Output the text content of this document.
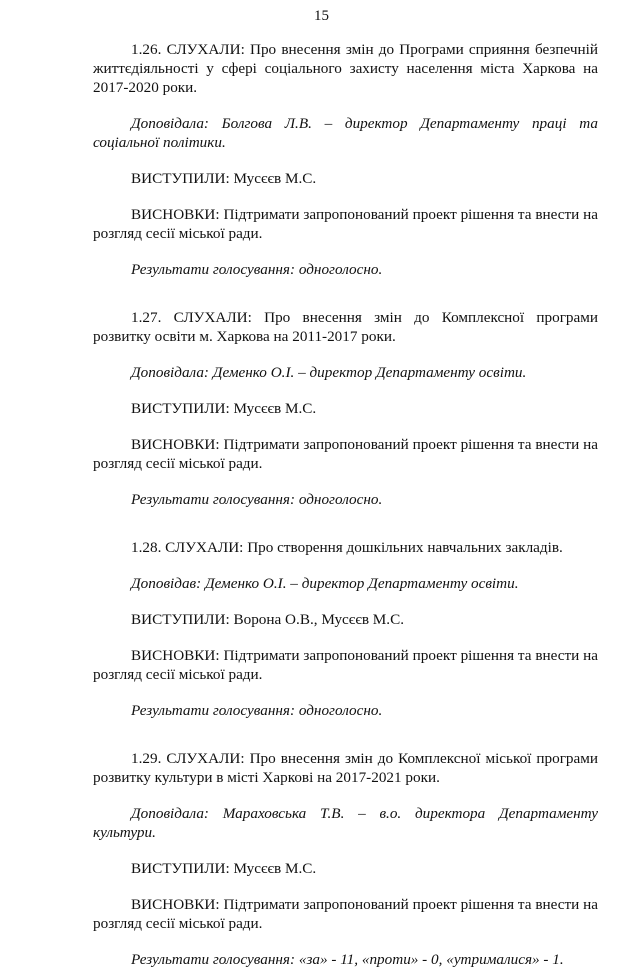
15

1.26. СЛУХАЛИ: Про внесення змін до Програми сприяння безпечній життєдіяльності у сфері соціального захисту населення міста Харкова на 2017-2020 роки.

Доповідала: Болгова Л.В. – директор Департаменту праці та соціальної політики.

ВИСТУПИЛИ: Мусєєв М.С.

ВИСНОВКИ: Підтримати запропонований проект рішення та внести на розгляд сесії міської ради.

Результати голосування: одноголосно.

1.27. СЛУХАЛИ: Про внесення змін до Комплексної програми розвитку освіти м. Харкова на 2011-2017 роки.

Доповідала: Деменко О.І. – директор Департаменту освіти.

ВИСТУПИЛИ: Мусєєв М.С.

ВИСНОВКИ: Підтримати запропонований проект рішення та внести на розгляд сесії міської ради.

Результати голосування: одноголосно.

1.28. СЛУХАЛИ: Про створення дошкільних навчальних закладів.

Доповідав: Деменко О.І. – директор Департаменту освіти.

ВИСТУПИЛИ: Ворона О.В., Мусєєв М.С.

ВИСНОВКИ: Підтримати запропонований проект рішення та внести на розгляд сесії міської ради.

Результати голосування: одноголосно.

1.29. СЛУХАЛИ: Про внесення змін до Комплексної міської програми розвитку культури в місті Харкові на 2017-2021 роки.

Доповідала: Мараховська Т.В. – в.о. директора Департаменту культури.

ВИСТУПИЛИ: Мусєєв М.С.

ВИСНОВКИ: Підтримати запропонований проект рішення та внести на розгляд сесії міської ради.

Результати голосування: «за» - 11, «проти» - 0, «утрималися» - 1.
